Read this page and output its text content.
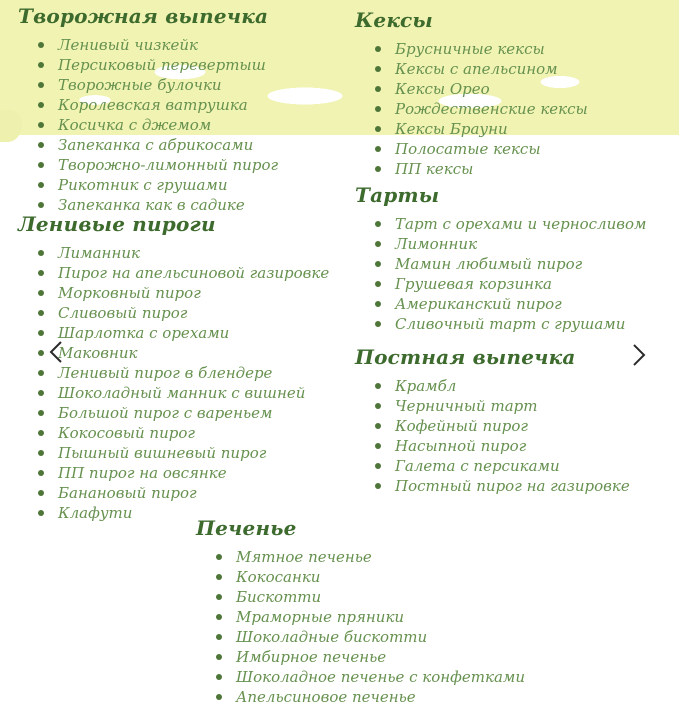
Творожная выпечка
Ленивый чизкейк
Персиковый перевертыш
Творожные булочки
Королевская ватрушка
Косичка с джемом
Запеканка с абрикосами
Творожно-лимонный пирог
Рикотник с грушами
Запеканка как в садике
Ленивые пироги
Лиманник
Пирог на апельсиновой газировке
Морковный пирог
Сливовый пирог
Шарлотка с орехами
Маковник
Ленивый пирог в блендере
Шоколадный манник с вишней
Большой пирог с вареньем
Кокосовый пирог
Пышный вишневый пирог
ПП пирог на овсянке
Банановый пирог
Клафути
Кексы
Брусничные кексы
Кексы с апельсином
Кексы Орео
Рождественские кексы
Кексы Брауни
Полосатые кексы
ПП кексы
Тарты
Тарт с орехами и черносливом
Лимонник
Мамин любимый пирог
Грушевая корзинка
Американский пирог
Сливочный тарт с грушами
Постная выпечка
Крамбл
Черничный тарт
Кофейный пирог
Насыпной пирог
Галета с персиками
Постный пирог на газировке
Печенье
Мятное печенье
Кокосанки
Бискотти
Мраморные пряники
Шоколадные бискотти
Имбирное печенье
Шоколадное печенье с конфетками
Апельсиновое печенье
